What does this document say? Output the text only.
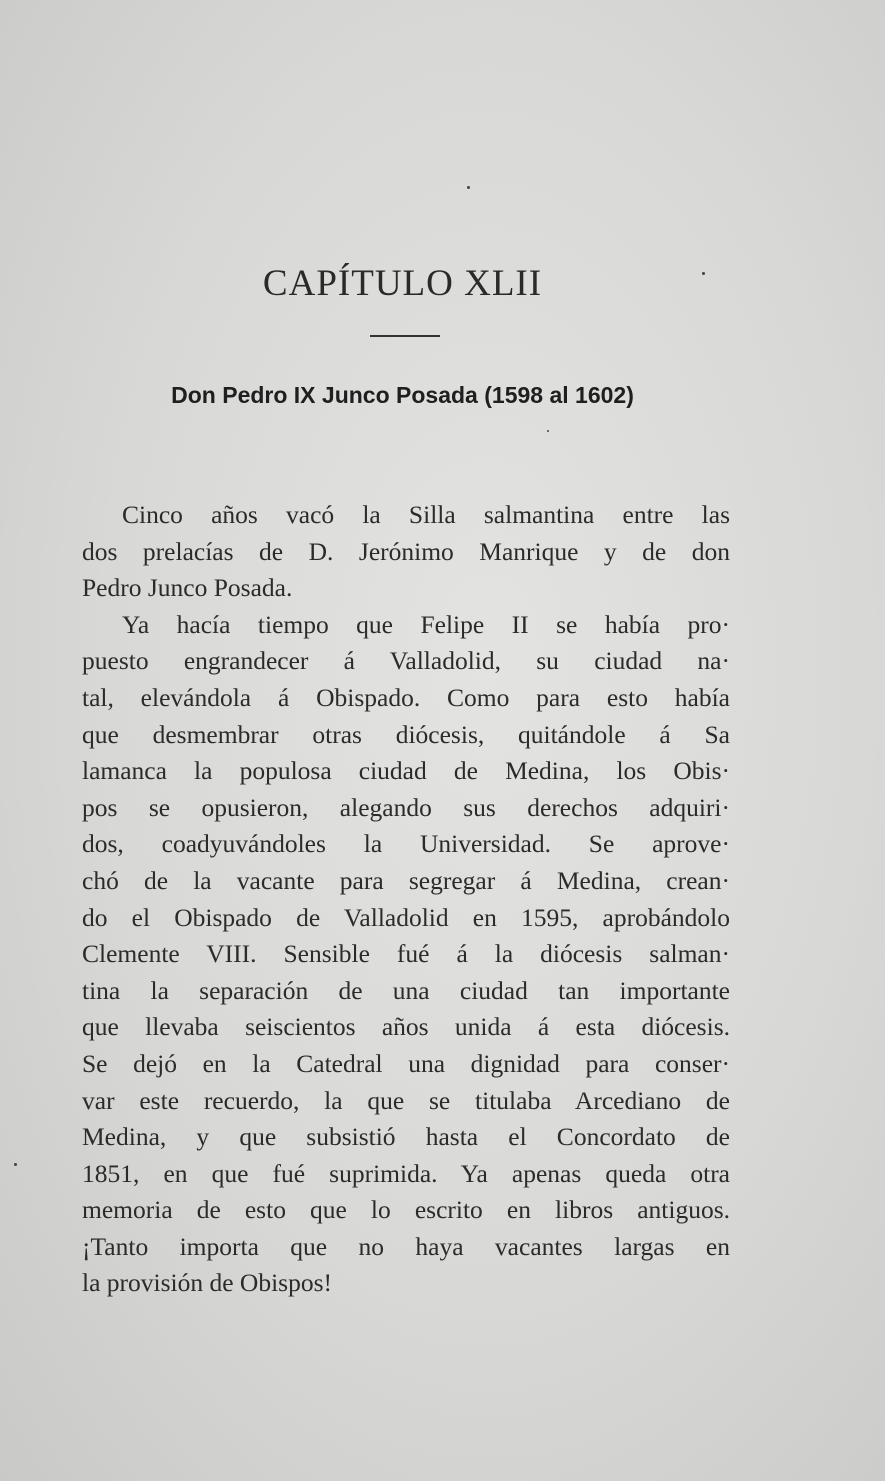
CAPÍTULO XLII
Don Pedro IX Junco Posada (1598 al 1602)
Cinco años vacó la Silla salmantina entre las
dos prelacías de D. Jerónimo Manrique y de don
Pedro Junco Posada.
Ya hacía tiempo que Felipe II se había pro·
puesto engrandecer á Valladolid, su ciudad na·
tal, elevándola á Obispado. Como para esto había
que desmembrar otras diócesis, quitándole á Sa
lamanca la populosa ciudad de Medina, los Obis·
pos se opusieron, alegando sus derechos adquiri·
dos, coadyuvándoles la Universidad. Se aprove·
chó de la vacante para segregar á Medina, crean·
do el Obispado de Valladolid en 1595, aprobándolo
Clemente VIII. Sensible fué á la diócesis salman·
tina la separación de una ciudad tan importante
que llevaba seiscientos años unida á esta diócesis.
Se dejó en la Catedral una dignidad para conser·
var este recuerdo, la que se titulaba Arcediano de
Medina, y que subsistió hasta el Concordato de
1851, en que fué suprimida. Ya apenas queda otra
memoria de esto que lo escrito en libros antiguos.
¡Tanto importa que no haya vacantes largas en
la provisión de Obispos!
